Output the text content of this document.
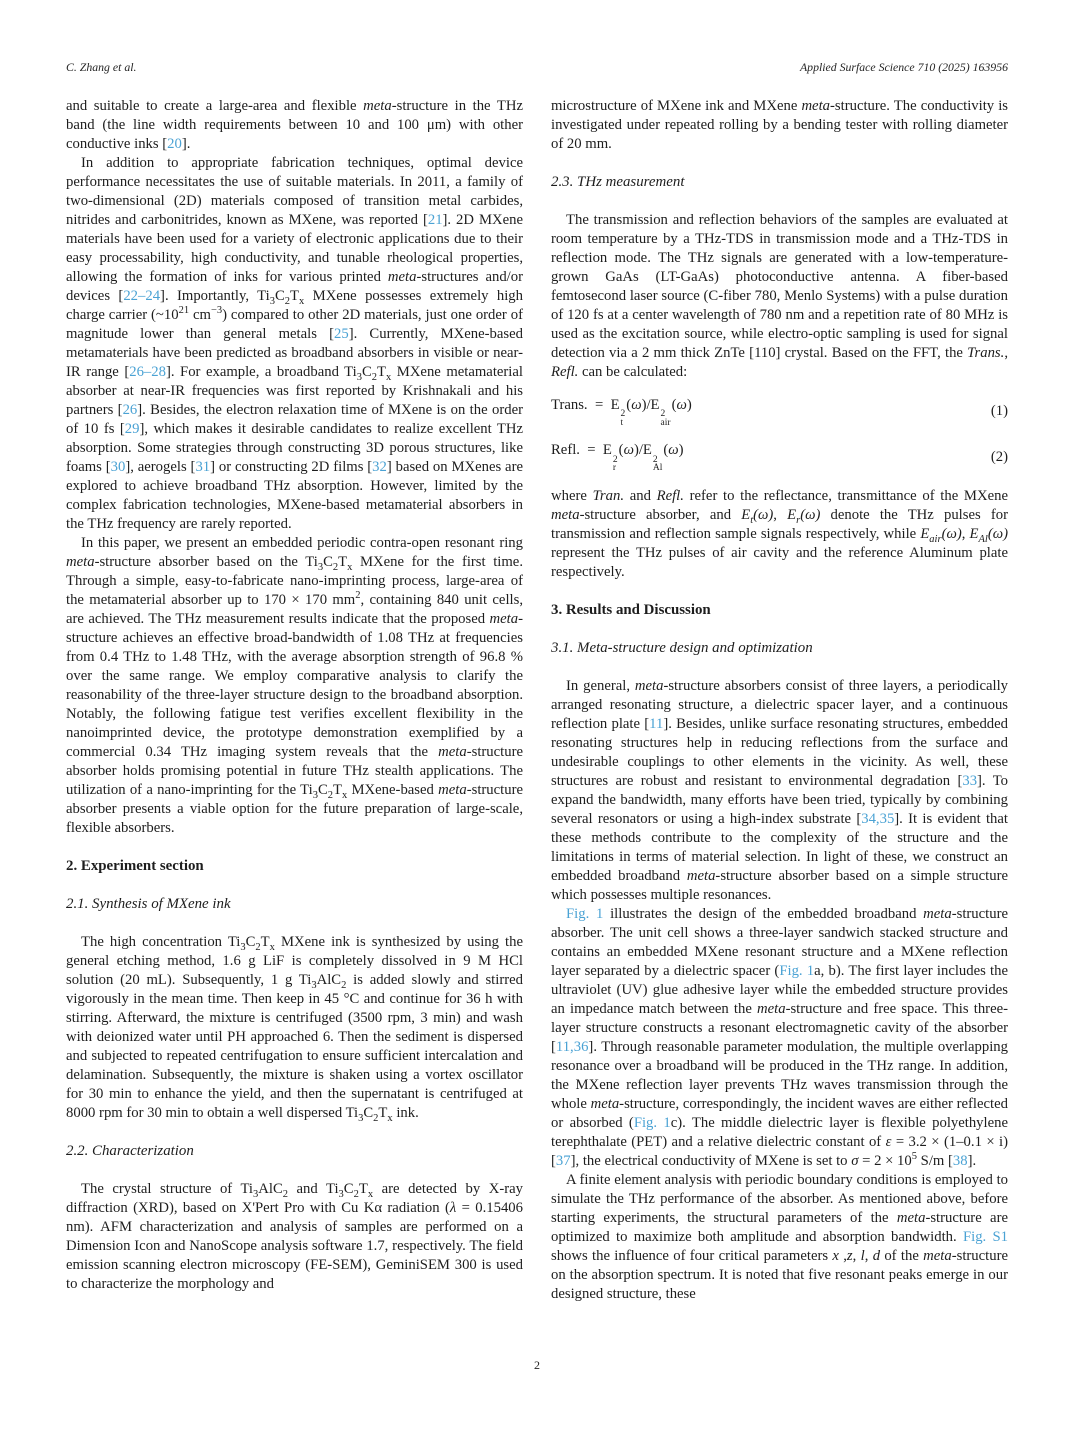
C. Zhang et al.	Applied Surface Science 710 (2025) 163956

and suitable to create a large-area and flexible meta-structure in the THz band (the line width requirements between 10 and 100 μm) with other conductive inks [20].

In addition to appropriate fabrication techniques, optimal device performance necessitates the use of suitable materials. In 2011, a family of two-dimensional (2D) materials composed of transition metal carbides, nitrides and carbonitrides, known as MXene, was reported [21]. 2D MXene materials have been used for a variety of electronic applications due to their easy processability, high conductivity, and tunable rheological properties, allowing the formation of inks for various printed meta-structures and/or devices [22–24]. Importantly, $Ti_3C_2T_x$ MXene possesses extremely high charge carrier ($\sim 10^{21}$ $cm^{-3}$) compared to other 2D materials, just one order of magnitude lower than general metals [25]. Currently, MXene-based metamaterials have been predicted as broadband absorbers in visible or near-IR range [26–28]. For example, a broadband $Ti_3C_2T_x$ MXene metamaterial absorber at near-IR frequencies was first reported by Krishnakali and his partners [26]. Besides, the electron relaxation time of MXene is on the order of 10 fs [29], which makes it desirable candidates to realize excellent THz absorption. Some strategies through constructing 3D porous structures, like foams [30], aerogels [31] or constructing 2D films [32] based on MXenes are explored to achieve broadband THz absorption. However, limited by the complex fabrication technologies, MXene-based metamaterial absorbers in the THz frequency are rarely reported.

In this paper, we present an embedded periodic contra-open resonant ring meta-structure absorber based on the $Ti_3C_2T_x$ MXene for the first time. Through a simple, easy-to-fabricate nano-imprinting process, large-area of the metamaterial absorber up to 170 × 170 $mm^2$, containing 840 unit cells, are achieved. The THz measurement results indicate that the proposed meta-structure achieves an effective broad-bandwidth of 1.08 THz at frequencies from 0.4 THz to 1.48 THz, with the average absorption strength of 96.8 % over the same range. We employ comparative analysis to clarify the reasonability of the three-layer structure design to the broadband absorption. Notably, the following fatigue test verifies excellent flexibility in the nanoimprinted device, the prototype demonstration exemplified by a commercial 0.34 THz imaging system reveals that the meta-structure absorber holds promising potential in future THz stealth applications. The utilization of a nano-imprinting for the $Ti_3C_2T_x$ MXene-based meta-structure absorber presents a viable option for the future preparation of large-scale, flexible absorbers.

2. Experiment section
2.1. Synthesis of MXene ink

The high concentration $Ti_3C_2T_x$ MXene ink is synthesized by using the general etching method, 1.6 g LiF is completely dissolved in 9 M HCl solution (20 mL). Subsequently, 1 g $Ti_3AlC_2$ is added slowly and stirred vigorously in the mean time. Then keep in 45 °C and continue for 36 h with stirring. Afterward, the mixture is centrifuged (3500 rpm, 3 min) and wash with deionized water until PH approached 6. Then the sediment is dispersed and subjected to repeated centrifugation to ensure sufficient intercalation and delamination. Subsequently, the mixture is shaken using a vortex oscillator for 30 min to enhance the yield, and then the supernatant is centrifuged at 8000 rpm for 30 min to obtain a well dispersed $Ti_3C_2T_x$ ink.

2.2. Characterization

The crystal structure of $Ti_3AlC_2$ and $Ti_3C_2T_x$ are detected by X-ray diffraction (XRD), based on X'Pert Pro with Cu Kα radiation (λ = 0.15406 nm). AFM characterization and analysis of samples are performed on a Dimension Icon and NanoScope analysis software 1.7, respectively. The field emission scanning electron microscopy (FE-SEM), GeminiSEM 300 is used to characterize the morphology and

microstructure of MXene ink and MXene meta-structure. The conductivity is investigated under repeated rolling by a bending tester with rolling diameter of 20 mm.

2.3. THz measurement

The transmission and reflection behaviors of the samples are evaluated at room temperature by a THz-TDS in transmission mode and a THz-TDS in reflection mode. The THz signals are generated with a low-temperature-grown GaAs (LT-GaAs) photoconductive antenna. A fiber-based femtosecond laser source (C-fiber 780, Menlo Systems) with a pulse duration of 120 fs at a center wavelength of 780 nm and a repetition rate of 80 MHz is used as the excitation source, while electro-optic sampling is used for signal detection via a 2 mm thick ZnTe [110] crystal. Based on the FFT, the Trans., Refl. can be calculated:

Trans.  =  E
2
t
(ω)/E
2
air
(ω)	(1)
Refl.  =  E
2
r
(ω)/E
2
Al
(ω)	(2)

where Tran. and Refl. refer to the reflectance, transmittance of the MXene meta-structure absorber, and $E_t(\omega)$, $E_r(\omega)$ denote the THz pulses for transmission and reflection sample signals respectively, while $E_{air}(\omega)$, $E_{Al}(\omega)$ represent the THz pulses of air cavity and the reference Aluminum plate respectively.

3. Results and Discussion
3.1. Meta-structure design and optimization

In general, meta-structure absorbers consist of three layers, a periodically arranged resonating structure, a dielectric spacer layer, and a continuous reflection plate [11]. Besides, unlike surface resonating structures, embedded resonating structures help in reducing reflections from the surface and undesirable couplings to other elements in the vicinity. As well, these structures are robust and resistant to environmental degradation [33]. To expand the bandwidth, many efforts have been tried, typically by combining several resonators or using a high-index substrate [34,35]. It is evident that these methods contribute to the complexity of the structure and the limitations in terms of material selection. In light of these, we construct an embedded broadband meta-structure absorber based on a simple structure which possesses multiple resonances.

Fig. 1 illustrates the design of the embedded broadband meta-structure absorber. The unit cell shows a three-layer sandwich stacked structure and contains an embedded MXene resonant structure and a MXene reflection layer separated by a dielectric spacer (Fig. 1a, b). The first layer includes the ultraviolet (UV) glue adhesive layer while the embedded structure provides an impedance match between the meta-structure and free space. This three-layer structure constructs a resonant electromagnetic cavity of the absorber [11,36]. Through reasonable parameter modulation, the multiple overlapping resonance over a broadband will be produced in the THz range. In addition, the MXene reflection layer prevents THz waves transmission through the whole meta-structure, correspondingly, the incident waves are either reflected or absorbed (Fig. 1c). The middle dielectric layer is flexible polyethylene terephthalate (PET) and a relative dielectric constant of ε = 3.2 × (1–0.1 × i) [37], the electrical conductivity of MXene is set to $\sigma = 2 \times 10^5$ S/m [38].

A finite element analysis with periodic boundary conditions is employed to simulate the THz performance of the absorber. As mentioned above, before starting experiments, the structural parameters of the meta-structure are optimized to maximize both amplitude and absorption bandwidth. Fig. S1 shows the influence of four critical parameters x ,z, l, d of the meta-structure on the absorption spectrum. It is noted that five resonant peaks emerge in our designed structure, these

2
